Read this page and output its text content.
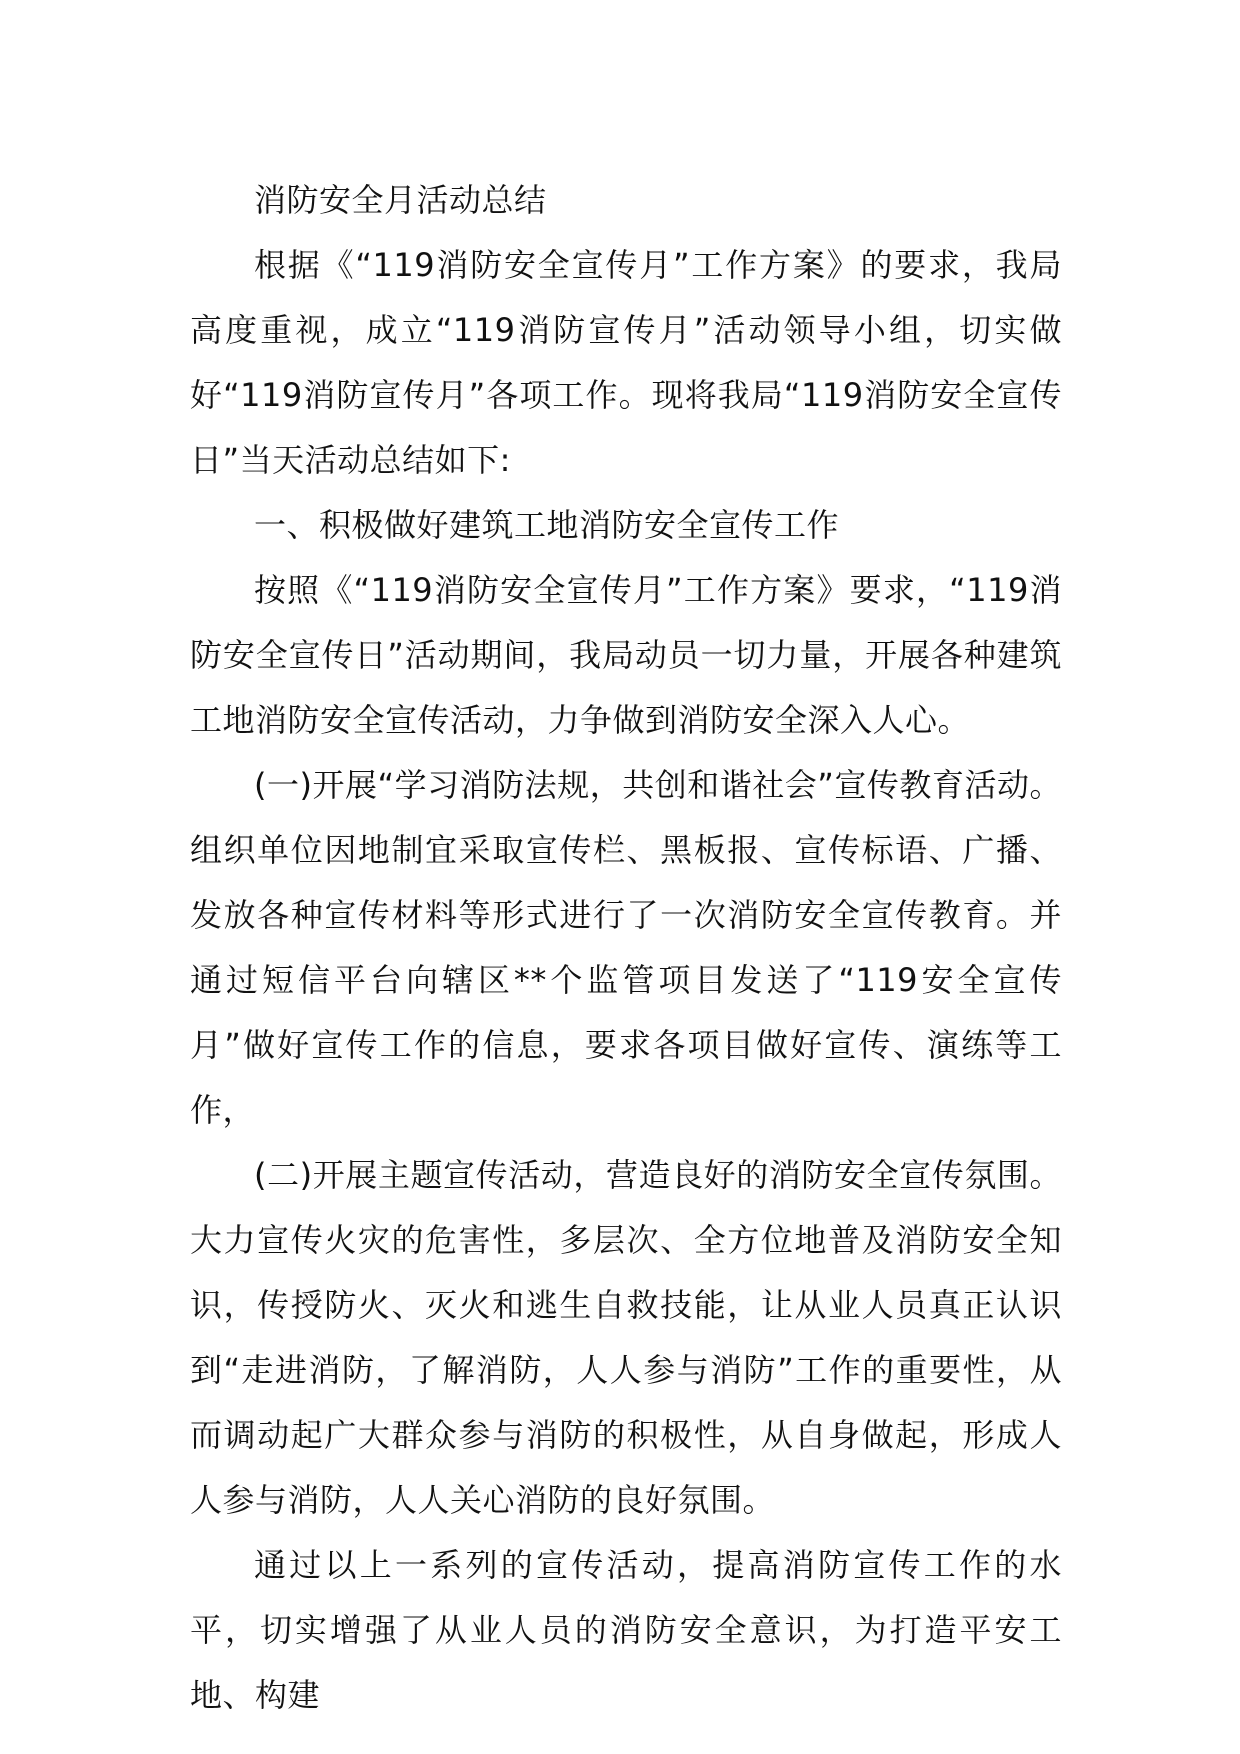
消防安全月活动总结

根据《“119消防安全宣传月”工作方案》的要求，我局高度重视，成立“119消防宣传月”活动领导小组，切实做好“119消防宣传月”各项工作。现将我局“119消防安全宣传日”当天活动总结如下:

一、积极做好建筑工地消防安全宣传工作

按照《“119消防安全宣传月”工作方案》要求，“119消防安全宣传日”活动期间，我局动员一切力量，开展各种建筑工地消防安全宣传活动，力争做到消防安全深入人心。

(一)开展“学习消防法规，共创和谐社会”宣传教育活动。组织单位因地制宜采取宣传栏、黑板报、宣传标语、广播、发放各种宣传材料等形式进行了一次消防安全宣传教育。并通过短信平台向辖区**个监管项目发送了“119安全宣传月”做好宣传工作的信息，要求各项目做好宣传、演练等工作，

(二)开展主题宣传活动，营造良好的消防安全宣传氛围。大力宣传火灾的危害性，多层次、全方位地普及消防安全知识，传授防火、灭火和逃生自救技能，让从业人员真正认识到“走进消防，了解消防，人人参与消防”工作的重要性，从而调动起广大群众参与消防的积极性，从自身做起，形成人人参与消防，人人关心消防的良好氛围。

通过以上一系列的宣传活动，提高消防宣传工作的水平，切实增强了从业人员的消防安全意识，为打造平安工地、构建
